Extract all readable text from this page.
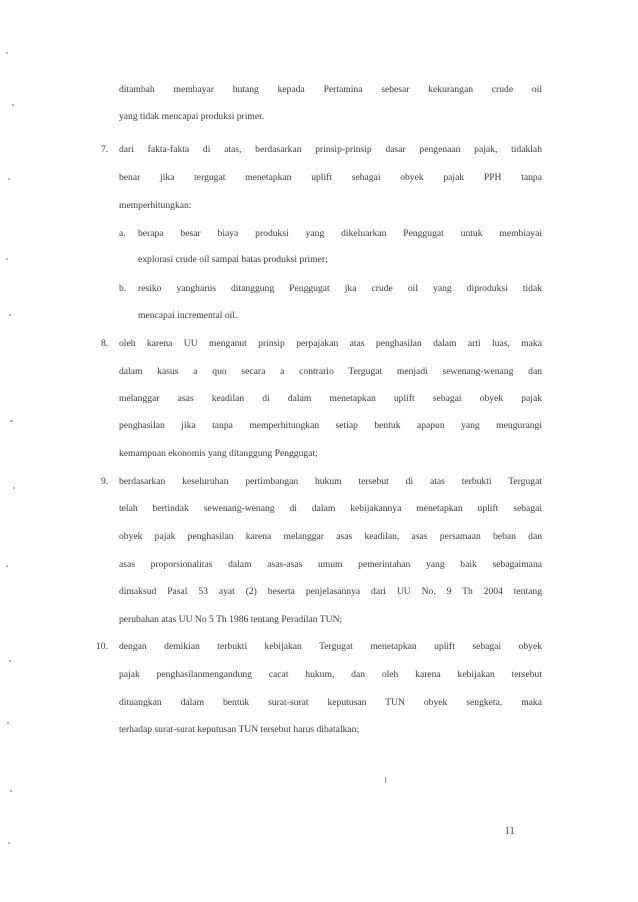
ditambah membayar hutang kepada Pertamina sebesar kekurangan crude oil
yang tidak mencapai produksi primer.
7. dari fakta-fakta di atas, berdasarkan prinsip-prinsip dasar pengenaan pajak, tidaklah
benar jika tergugat menetapkan uplift sebagai obyek pajak PPH tanpa
memperhitungkan:
a. berapa besar biaya produksi yang dikeluarkan Penggugat untuk membiayai
explorasi crude oil sampai batas produksi primer;
b. resiko yangharus ditanggung Penggugat jka crude oil yang diproduksi tidak
mencapai incremental oil.
8. oleh karena UU menganut prinsip perpajakan atas penghasilan dalam arti luas, maka
dalam kasus a quo secara a contrario Tergugat menjadi sewenang-wenang dan
melanggar asas keadilan di dalam menetapkan uplift sebagai obyek pajak
penghasilan jika tanpa memperhitungkan setiap bentuk apapun yang mengurangi
kemampuan ekonomis yang ditanggung Penggugat;
9. berdasarkan keseluruhan pertimbangan hukum tersebut di atas terbukti Tergugat
telah bertindak sewenang-wenang di dalam kebijakannya menetapkan uplift sebagai
obyek pajak penghasilan karena melanggar asas keadilan, asas persamaan beban dan
asas proporsionalitas dalam asas-asas umum pemerintahan yang baik sebagaimana
dimaksud Pasal 53 ayat (2) beserta penjelasannya dari UU No. 9 Th 2004 tentang
perubahan atas UU No 5 Th 1986 tentang Peradilan TUN;
10. dengan demikian terbukti kebijakan Tergugat menetapkan uplift sebagai obyek
pajak penghasilanmengandung cacat hukum, dan oleh karena kebijakan tersebut
dituangkan dalam bentuk surat-surat keputusan TUN obyek sengketa, maka
terhadap surat-surat keputusan TUN tersebut harus dibatalkan;
11
